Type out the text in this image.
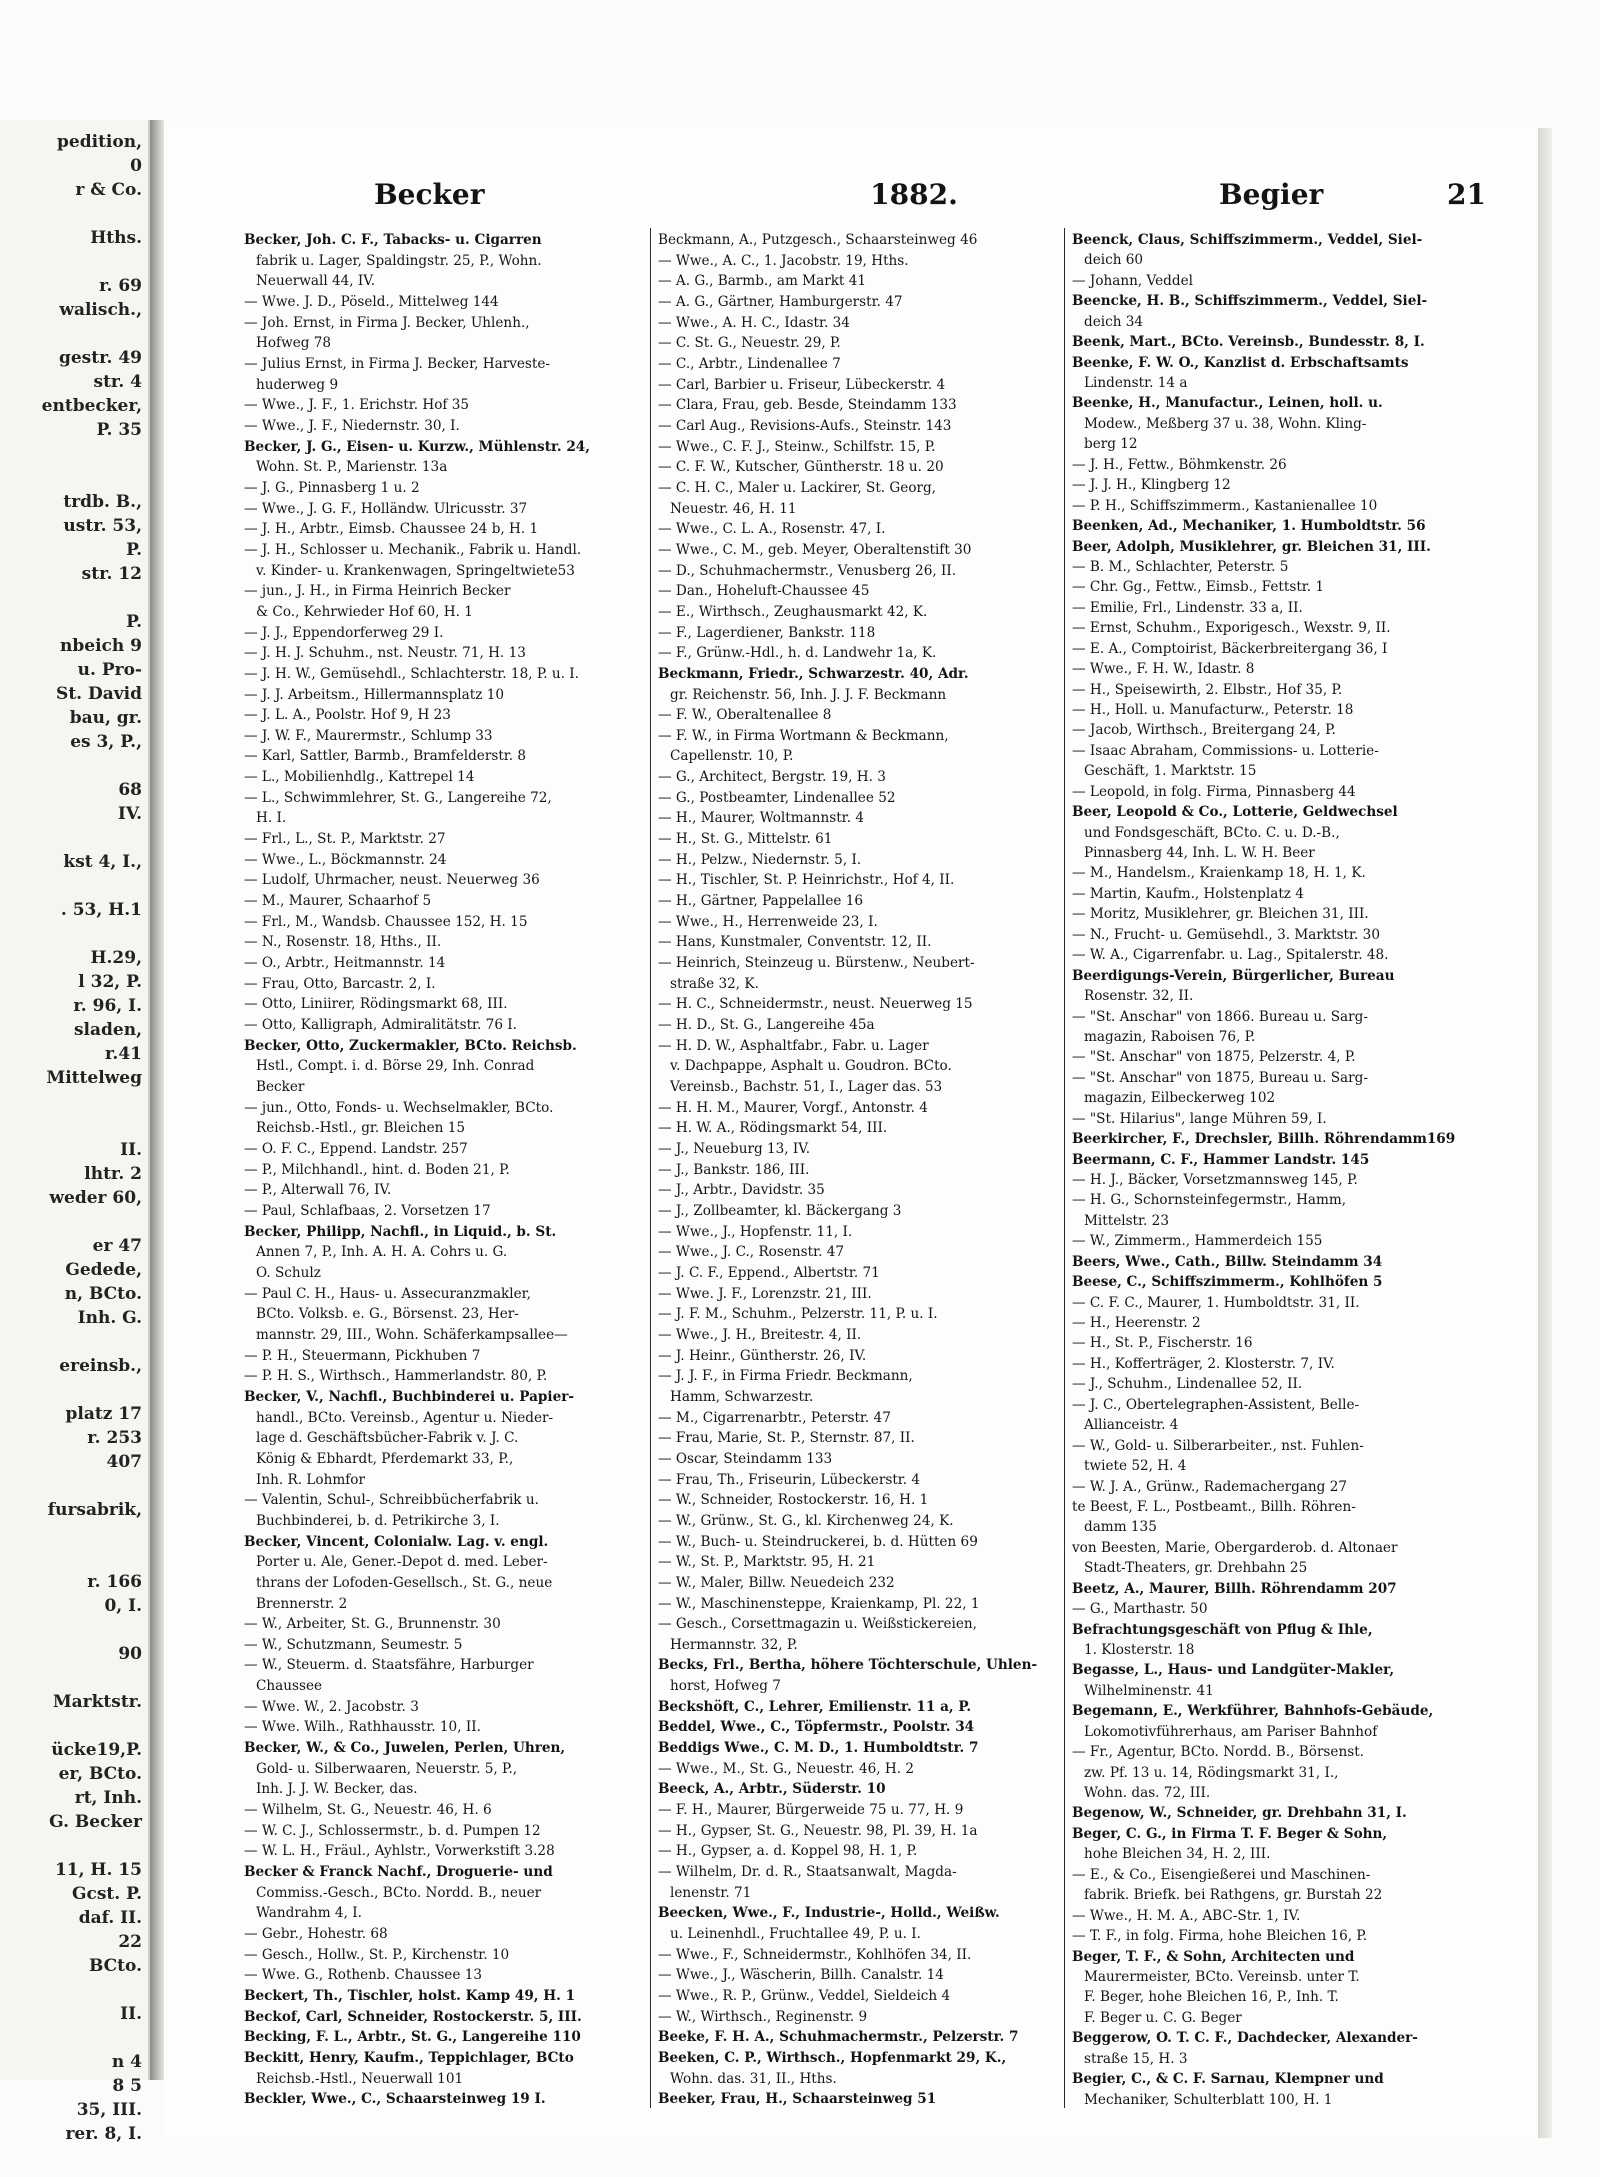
pedition,
0
r & Co.
Hths.
r. 69
walisch.,
gestr. 49
str. 4
entbecker,
P. 35
trdb. B.,
ustr. 53,
P.
str. 12
P.
nbeich 9
u. Pro-
St. David
bau, gr.
es 3, P.,
68
IV.
kst 4, I.,
. 53, H.1
H.29,
l 32, P.
r. 96, I.
sladen,
r.41
Mittelweg
II.
lhtr. 2
weder 60,
er 47
Gedede,
n, BCto.
Inh. G.
ereinsb.,
platz 17
r. 253
407
fursabrik,
r. 166
0, I.
90
Marktstr.
ücke19,P.
er, BCto.
rt, Inh.
G. Becker
11, H. 15
Gcst. P.
daf. II.
22
BCto.
II.
n 4
8 5
35, III.
rer. 8, I.
Becker	1882.	Begier	21
Becker, Joh. C. F., Tabacks- u. Cigarren
fabrik u. Lager, Spaldingstr. 25, P., Wohn.
Neuerwall 44, IV.
— Wwe. J. D., Pöseld., Mittelweg 144
— Joh. Ernst, in Firma J. Becker, Uhlenh.,
Hofweg 78
— Julius Ernst, in Firma J. Becker, Harveste-
huderweg 9
— Wwe., J. F., 1. Erichstr. Hof 35
— Wwe., J. F., Niedernstr. 30, I.
Becker, J. G., Eisen- u. Kurzw., Mühlenstr. 24,
Wohn. St. P., Marienstr. 13a
— J. G., Pinnasberg 1 u. 2
— Wwe., J. G. F., Holländw. Ulricusstr. 37
— J. H., Arbtr., Eimsb. Chaussee 24 b, H. 1
— J. H., Schlosser u. Mechanik., Fabrik u. Handl.
v. Kinder- u. Krankenwagen, Springeltwiete53
— jun., J. H., in Firma Heinrich Becker
& Co., Kehrwieder Hof 60, H. 1
— J. J., Eppendorferweg 29 I.
— J. H. J. Schuhm., nst. Neustr. 71, H. 13
— J. H. W., Gemüsehdl., Schlachterstr. 18, P. u. I.
— J. J. Arbeitsm., Hillermannsplatz 10
— J. L. A., Poolstr. Hof 9, H 23
— J. W. F., Maurermstr., Schlump 33
— Karl, Sattler, Barmb., Bramfelderstr. 8
— L., Mobilienhdlg., Kattrepel 14
— L., Schwimmlehrer, St. G., Langereihe 72,
H. I.
— Frl., L., St. P., Marktstr. 27
— Wwe., L., Böckmannstr. 24
— Ludolf, Uhrmacher, neust. Neuerweg 36
— M., Maurer, Schaarhof 5
— Frl., M., Wandsb. Chaussee 152, H. 15
— N., Rosenstr. 18, Hths., II.
— O., Arbtr., Heitmannstr. 14
— Frau, Otto, Barcastr. 2, I.
— Otto, Liniirer, Rödingsmarkt 68, III.
— Otto, Kalligraph, Admiralitätstr. 76 I.
Becker, Otto, Zuckermakler, BCto. Reichsb.
Hstl., Compt. i. d. Börse 29, Inh. Conrad
Becker
— jun., Otto, Fonds- u. Wechselmakler, BCto.
Reichsb.-Hstl., gr. Bleichen 15
— O. F. C., Eppend. Landstr. 257
— P., Milchhandl., hint. d. Boden 21, P.
— P., Alterwall 76, IV.
— Paul, Schlafbaas, 2. Vorsetzen 17
Becker, Philipp, Nachfl., in Liquid., b. St.
Annen 7, P., Inh. A. H. A. Cohrs u. G.
O. Schulz
— Paul C. H., Haus- u. Assecuranzmakler,
BCto. Volksb. e. G., Börsenst. 23, Her-
mannstr. 29, III., Wohn. Schäferkampsallee—
— P. H., Steuermann, Pickhuben 7
— P. H. S., Wirthsch., Hammerlandstr. 80, P.
Becker, V., Nachfl., Buchbinderei u. Papier-
handl., BCto. Vereinsb., Agentur u. Nieder-
lage d. Geschäftsbücher-Fabrik v. J. C.
König & Ebhardt, Pferdemarkt 33, P.,
Inh. R. Lohmfor
— Valentin, Schul-, Schreibbücherfabrik u.
Buchbinderei, b. d. Petrikirche 3, I.
Becker, Vincent, Colonialw. Lag. v. engl.
Porter u. Ale, Gener.-Depot d. med. Leber-
thrans der Lofoden-Gesellsch., St. G., neue
Brennerstr. 2
— W., Arbeiter, St. G., Brunnenstr. 30
— W., Schutzmann, Seumestr. 5
— W., Steuerm. d. Staatsfähre, Harburger
Chaussee
— Wwe. W., 2. Jacobstr. 3
— Wwe. Wilh., Rathhausstr. 10, II.
Becker, W., & Co., Juwelen, Perlen, Uhren,
Gold- u. Silberwaaren, Neuerstr. 5, P.,
Inh. J. J. W. Becker, das.
— Wilhelm, St. G., Neuestr. 46, H. 6
— W. C. J., Schlossermstr., b. d. Pumpen 12
— W. L. H., Fräul., Ayhlstr., Vorwerkstift 3.28
Becker & Franck Nachf., Droguerie- und
Commiss.-Gesch., BCto. Nordd. B., neuer
Wandrahm 4, I.
— Gebr., Hohestr. 68
— Gesch., Hollw., St. P., Kirchenstr. 10
— Wwe. G., Rothenb. Chaussee 13
Beckert, Th., Tischler, holst. Kamp 49, H. 1
Beckof, Carl, Schneider, Rostockerstr. 5, III.
Becking, F. L., Arbtr., St. G., Langereihe 110
Beckitt, Henry, Kaufm., Teppichlager, BCto
Reichsb.-Hstl., Neuerwall 101
Beckler, Wwe., C., Schaarsteinweg 19 I.
Beckmann, A., Putzgesch., Schaarsteinweg 46
— Wwe., A. C., 1. Jacobstr. 19, Hths.
— A. G., Barmb., am Markt 41
— A. G., Gärtner, Hamburgerstr. 47
— Wwe., A. H. C., Idastr. 34
— C. St. G., Neuestr. 29, P.
— C., Arbtr., Lindenallee 7
— Carl, Barbier u. Friseur, Lübeckerstr. 4
— Clara, Frau, geb. Besde, Steindamm 133
— Carl Aug., Revisions-Aufs., Steinstr. 143
— Wwe., C. F. J., Steinw., Schilfstr. 15, P.
— C. F. W., Kutscher, Güntherstr. 18 u. 20
— C. H. C., Maler u. Lackirer, St. Georg,
Neuestr. 46, H. 11
— Wwe., C. L. A., Rosenstr. 47, I.
— Wwe., C. M., geb. Meyer, Oberaltenstift 30
— D., Schuhmachermstr., Venusberg 26, II.
— Dan., Hoheluft-Chaussee 45
— E., Wirthsch., Zeughausmarkt 42, K.
— F., Lagerdiener, Bankstr. 118
— F., Grünw.-Hdl., h. d. Landwehr 1a, K.
Beckmann, Friedr., Schwarzestr. 40, Adr.
gr. Reichenstr. 56, Inh. J. J. F. Beckmann
— F. W., Oberaltenallee 8
— F. W., in Firma Wortmann & Beckmann,
Capellenstr. 10, P.
— G., Architect, Bergstr. 19, H. 3
— G., Postbeamter, Lindenallee 52
— H., Maurer, Woltmannstr. 4
— H., St. G., Mittelstr. 61
— H., Pelzw., Niedernstr. 5, I.
— H., Tischler, St. P. Heinrichstr., Hof 4, II.
— H., Gärtner, Pappelallee 16
— Wwe., H., Herrenweide 23, I.
— Hans, Kunstmaler, Conventstr. 12, II.
— Heinrich, Steinzeug u. Bürstenw., Neubert-
straße 32, K.
— H. C., Schneidermstr., neust. Neuerweg 15
— H. D., St. G., Langereihe 45a
— H. D. W., Asphaltfabr., Fabr. u. Lager
v. Dachpappe, Asphalt u. Goudron. BCto.
Vereinsb., Bachstr. 51, I., Lager das. 53
— H. H. M., Maurer, Vorgf., Antonstr. 4
— H. W. A., Rödingsmarkt 54, III.
— J., Neueburg 13, IV.
— J., Bankstr. 186, III.
— J., Arbtr., Davidstr. 35
— J., Zollbeamter, kl. Bäckergang 3
— Wwe., J., Hopfenstr. 11, I.
— Wwe., J. C., Rosenstr. 47
— J. C. F., Eppend., Albertstr. 71
— Wwe. J. F., Lorenzstr. 21, III.
— J. F. M., Schuhm., Pelzerstr. 11, P. u. I.
— Wwe., J. H., Breitestr. 4, II.
— J. Heinr., Güntherstr. 26, IV.
— J. J. F., in Firma Friedr. Beckmann,
Hamm, Schwarzestr.
— M., Cigarrenarbtr., Peterstr. 47
— Frau, Marie, St. P., Sternstr. 87, II.
— Oscar, Steindamm 133
— Frau, Th., Friseurin, Lübeckerstr. 4
— W., Schneider, Rostockerstr. 16, H. 1
— W., Grünw., St. G., kl. Kirchenweg 24, K.
— W., Buch- u. Steindruckerei, b. d. Hütten 69
— W., St. P., Marktstr. 95, H. 21
— W., Maler, Billw. Neuedeich 232
— W., Maschinensteppe, Kraienkamp, Pl. 22, 1
— Gesch., Corsettmagazin u. Weißstickereien,
Hermannstr. 32, P.
Becks, Frl., Bertha, höhere Töchterschule, Uhlen-
horst, Hofweg 7
Beckshöft, C., Lehrer, Emilienstr. 11 a, P.
Beddel, Wwe., C., Töpfermstr., Poolstr. 34
Beddigs Wwe., C. M. D., 1. Humboldtstr. 7
— Wwe., M., St. G., Neuestr. 46, H. 2
Beeck, A., Arbtr., Süderstr. 10
— F. H., Maurer, Bürgerweide 75 u. 77, H. 9
— H., Gypser, St. G., Neuestr. 98, Pl. 39, H. 1a
— H., Gypser, a. d. Koppel 98, H. 1, P.
— Wilhelm, Dr. d. R., Staatsanwalt, Magda-
lenenstr. 71
Beecken, Wwe., F., Industrie-, Holld., Weißw.
u. Leinenhdl., Fruchtallee 49, P. u. I.
— Wwe., F., Schneidermstr., Kohlhöfen 34, II.
— Wwe., J., Wäscherin, Billh. Canalstr. 14
— Wwe., R. P., Grünw., Veddel, Sieldeich 4
— W., Wirthsch., Reginenstr. 9
Beeke, F. H. A., Schuhmachermstr., Pelzerstr. 7
Beeken, C. P., Wirthsch., Hopfenmarkt 29, K.,
Wohn. das. 31, II., Hths.
Beeker, Frau, H., Schaarsteinweg 51
Beenck, Claus, Schiffszimmerm., Veddel, Siel-
deich 60
— Johann, Veddel
Beencke, H. B., Schiffszimmerm., Veddel, Siel-
deich 34
Beenk, Mart., BCto. Vereinsb., Bundesstr. 8, I.
Beenke, F. W. O., Kanzlist d. Erbschaftsamts
Lindenstr. 14 a
Beenke, H., Manufactur., Leinen, holl. u.
Modew., Meßberg 37 u. 38, Wohn. Kling-
berg 12
— J. H., Fettw., Böhmkenstr. 26
— J. J. H., Klingberg 12
— P. H., Schiffszimmerm., Kastanienallee 10
Beenken, Ad., Mechaniker, 1. Humboldtstr. 56
Beer, Adolph, Musiklehrer, gr. Bleichen 31, III.
— B. M., Schlachter, Peterstr. 5
— Chr. Gg., Fettw., Eimsb., Fettstr. 1
— Emilie, Frl., Lindenstr. 33 a, II.
— Ernst, Schuhm., Exporigesch., Wexstr. 9, II.
— E. A., Comptoirist, Bäckerbreitergang 36, I
— Wwe., F. H. W., Idastr. 8
— H., Speisewirth, 2. Elbstr., Hof 35, P.
— H., Holl. u. Manufacturw., Peterstr. 18
— Jacob, Wirthsch., Breitergang 24, P.
— Isaac Abraham, Commissions- u. Lotterie-
Geschäft, 1. Marktstr. 15
— Leopold, in folg. Firma, Pinnasberg 44
Beer, Leopold & Co., Lotterie, Geldwechsel
und Fondsgeschäft, BCto. C. u. D.-B.,
Pinnasberg 44, Inh. L. W. H. Beer
— M., Handelsm., Kraienkamp 18, H. 1, K.
— Martin, Kaufm., Holstenplatz 4
— Moritz, Musiklehrer, gr. Bleichen 31, III.
— N., Frucht- u. Gemüsehdl., 3. Marktstr. 30
— W. A., Cigarrenfabr. u. Lag., Spitalerstr. 48.
Beerdigungs-Verein, Bürgerlicher, Bureau
Rosenstr. 32, II.
— "St. Anschar" von 1866. Bureau u. Sarg-
magazin, Raboisen 76, P.
— "St. Anschar" von 1875, Pelzerstr. 4, P.
— "St. Anschar" von 1875, Bureau u. Sarg-
magazin, Eilbeckerweg 102
— "St. Hilarius", lange Mühren 59, I.
Beerkircher, F., Drechsler, Billh. Röhrendamm169
Beermann, C. F., Hammer Landstr. 145
— H. J., Bäcker, Vorsetzmannsweg 145, P.
— H. G., Schornsteinfegermstr., Hamm,
Mittelstr. 23
— W., Zimmerm., Hammerdeich 155
Beers, Wwe., Cath., Billw. Steindamm 34
Beese, C., Schiffszimmerm., Kohlhöfen 5
— C. F. C., Maurer, 1. Humboldtstr. 31, II.
— H., Heerenstr. 2
— H., St. P., Fischerstr. 16
— H., Kofferträger, 2. Klosterstr. 7, IV.
— J., Schuhm., Lindenallee 52, II.
— J. C., Obertelegraphen-Assistent, Belle-
Allianceistr. 4
— W., Gold- u. Silberarbeiter., nst. Fuhlen-
twiete 52, H. 4
— W. J. A., Grünw., Rademachergang 27
te Beest, F. L., Postbeamt., Billh. Röhren-
damm 135
von Beesten, Marie, Obergarderob. d. Altonaer
Stadt-Theaters, gr. Drehbahn 25
Beetz, A., Maurer, Billh. Röhrendamm 207
— G., Marthastr. 50
Befrachtungsgeschäft von Pflug & Ihle,
1. Klosterstr. 18
Begasse, L., Haus- und Landgüter-Makler,
Wilhelminenstr. 41
Begemann, E., Werkführer, Bahnhofs-Gebäude,
Lokomotivführerhaus, am Pariser Bahnhof
— Fr., Agentur, BCto. Nordd. B., Börsenst.
zw. Pf. 13 u. 14, Rödingsmarkt 31, I.,
Wohn. das. 72, III.
Begenow, W., Schneider, gr. Drehbahn 31, I.
Beger, C. G., in Firma T. F. Beger & Sohn,
hohe Bleichen 34, H. 2, III.
— E., & Co., Eisengießerei und Maschinen-
fabrik. Briefk. bei Rathgens, gr. Burstah 22
— Wwe., H. M. A., ABC-Str. 1, IV.
— T. F., in folg. Firma, hohe Bleichen 16, P.
Beger, T. F., & Sohn, Architecten und
Maurermeister, BCto. Vereinsb. unter T.
F. Beger, hohe Bleichen 16, P., Inh. T.
F. Beger u. C. G. Beger
Beggerow, O. T. C. F., Dachdecker, Alexander-
straße 15, H. 3
Begier, C., & C. F. Sarnau, Klempner und
Mechaniker, Schulterblatt 100, H. 1
